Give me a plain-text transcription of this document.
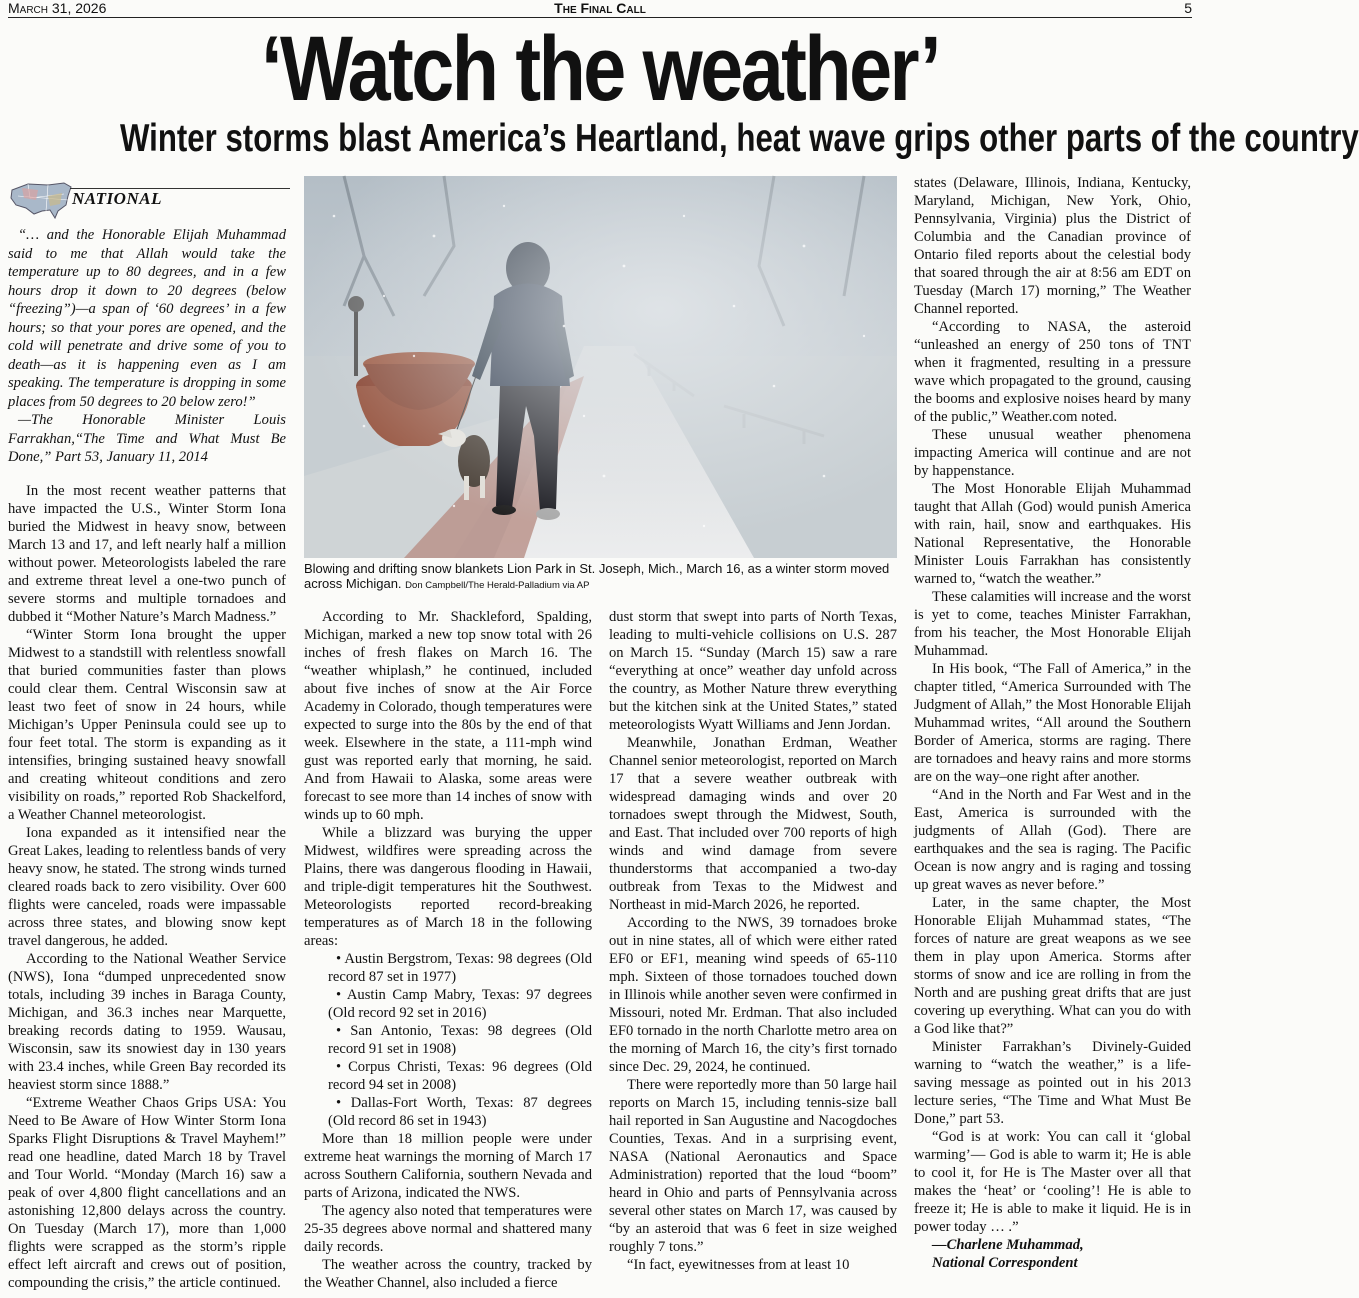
March 31, 2026	The Final Call	5
‘Watch the weather’
Winter storms blast America’s Heartland, heat wave grips other parts of the country
NATIONAL

“… and the Honorable Elijah Muhammad said to me that Allah would take the temperature up to 80 degrees, and in a few hours drop it down to 20 degrees (below “freezing”)—a span of ‘60 degrees’ in a few hours; so that your pores are opened, and the cold will penetrate and drive some of you to death—as it is happening even as I am speaking. The temperature is dropping in some places from 50 degrees to 20 below zero!”

—The Honorable Minister Louis Farrakhan,“The Time and What Must Be Done,” Part 53, January 11, 2014

In the most recent weather patterns that have impacted the U.S., Winter Storm Iona buried the Midwest in heavy snow, between March 13 and 17, and left nearly half a million without power. Meteorologists labeled the rare and extreme threat level a one-two punch of severe storms and multiple tornadoes and dubbed it “Mother Nature’s March Madness.”

“Winter Storm Iona brought the upper Midwest to a standstill with relentless snowfall that buried communities faster than plows could clear them. Central Wisconsin saw at least two feet of snow in 24 hours, while Michigan’s Upper Peninsula could see up to four feet total. The storm is expanding as it intensifies, bringing sustained heavy snowfall and creating whiteout conditions and zero visibility on roads,” reported Rob Shackelford, a Weather Channel meteorologist.

Iona expanded as it intensified near the Great Lakes, leading to relentless bands of very heavy snow, he stated. The strong winds turned cleared roads back to zero visibility. Over 600 flights were canceled, roads were impassable across three states, and blowing snow kept travel dangerous, he added.

According to the National Weather Service (NWS), Iona “dumped unprecedented snow totals, including 39 inches in Baraga County, Michigan, and 36.3 inches near Marquette, breaking records dating to 1959. Wausau, Wisconsin, saw its snowiest day in 130 years with 23.4 inches, while Green Bay recorded its heaviest storm since 1888.”

“Extreme Weather Chaos Grips USA: You Need to Be Aware of How Winter Storm Iona Sparks Flight Disruptions & Travel Mayhem!” read one headline, dated March 18 by Travel and Tour World. “Monday (March 16) saw a peak of over 4,800 flight cancellations and an astonishing 12,800 delays across the country. On Tuesday (March 17), more than 1,000 flights were scrapped as the storm’s ripple effect left aircraft and crews out of position, compounding the crisis,” the article continued.

Blowing and drifting snow blankets Lion Park in St. Joseph, Mich., March 16, as a winter storm moved across Michigan. Don Campbell/The Herald-Palladium via AP

According to Mr. Shackleford, Spalding, Michigan, marked a new top snow total with 26 inches of fresh flakes on March 16. The “weather whiplash,” he continued, included about five inches of snow at the Air Force Academy in Colorado, though temperatures were expected to surge into the 80s by the end of that week. Elsewhere in the state, a 111-mph wind gust was reported early that morning, he said. And from Hawaii to Alaska, some areas were forecast to see more than 14 inches of snow with winds up to 60 mph.

While a blizzard was burying the upper Midwest, wildfires were spreading across the Plains, there was dangerous flooding in Hawaii, and triple-digit temperatures hit the Southwest. Meteorologists reported record-breaking temperatures as of March 18 in the following areas:

• Austin Bergstrom, Texas: 98 degrees (Old record 87 set in 1977)

• Austin Camp Mabry, Texas: 97 degrees (Old record 92 set in 2016)

• San Antonio, Texas: 98 degrees (Old record 91 set in 1908)

• Corpus Christi, Texas: 96 degrees (Old record 94 set in 2008)

• Dallas-Fort Worth, Texas: 87 degrees (Old record 86 set in 1943)

More than 18 million people were under extreme heat warnings the morning of March 17 across Southern California, southern Nevada and parts of Arizona, indicated the NWS.

The agency also noted that temperatures were 25-35 degrees above normal and shattered many daily records.

The weather across the country, tracked by the Weather Channel, also included a fierce

dust storm that swept into parts of North Texas, leading to multi-vehicle collisions on U.S. 287 on March 15. “Sunday (March 15) saw a rare “everything at once” weather day unfold across the country, as Mother Nature threw everything but the kitchen sink at the United States,” stated meteorologists Wyatt Williams and Jenn Jordan.

Meanwhile, Jonathan Erdman, Weather Channel senior meteorologist, reported on March 17 that a severe weather outbreak with widespread damaging winds and over 20 tornadoes swept through the Midwest, South, and East. That included over 700 reports of high winds and wind damage from severe thunderstorms that accompanied a two-day outbreak from Texas to the Midwest and Northeast in mid-March 2026, he reported.

According to the NWS, 39 tornadoes broke out in nine states, all of which were either rated EF0 or EF1, meaning wind speeds of 65-110 mph. Sixteen of those tornadoes touched down in Illinois while another seven were confirmed in Missouri, noted Mr. Erdman. That also included EF0 tornado in the north Charlotte metro area on the morning of March 16, the city’s first tornado since Dec. 29, 2024, he continued.

There were reportedly more than 50 large hail reports on March 15, including tennis-size ball hail reported in San Augustine and Nacogdoches Counties, Texas. And in a surprising event, NASA (National Aeronautics and Space Administration) reported that the loud “boom” heard in Ohio and parts of Pennsylvania across several other states on March 17, was caused by “by an asteroid that was 6 feet in size weighed roughly 7 tons.”

“In fact, eyewitnesses from at least 10

states (Delaware, Illinois, Indiana, Kentucky, Maryland, Michigan, New York, Ohio, Pennsylvania, Virginia) plus the District of Columbia and the Canadian province of Ontario filed reports about the celestial body that soared through the air at 8:56 am EDT on Tuesday (March 17) morning,” The Weather Channel reported.

“According to NASA, the asteroid “unleashed an energy of 250 tons of TNT when it fragmented, resulting in a pressure wave which propagated to the ground, causing the booms and explosive noises heard by many of the public,” Weather.com noted.

These unusual weather phenomena impacting America will continue and are not by happenstance.

The Most Honorable Elijah Muhammad taught that Allah (God) would punish America with rain, hail, snow and earthquakes. His National Representative, the Honorable Minister Louis Farrakhan has consistently warned to, “watch the weather.”

These calamities will increase and the worst is yet to come, teaches Minister Farrakhan, from his teacher, the Most Honorable Elijah Muhammad.

In His book, “The Fall of America,” in the chapter titled, “America Surrounded with The Judgment of Allah,” the Most Honorable Elijah Muhammad writes, “All around the Southern Border of America, storms are raging. There are tornadoes and heavy rains and more storms are on the way–one right after another.

“And in the North and Far West and in the East, America is surrounded with the judgments of Allah (God). There are earthquakes and the sea is raging. The Pacific Ocean is now angry and is raging and tossing up great waves as never before.”

Later, in the same chapter, the Most Honorable Elijah Muhammad states, “The forces of nature are great weapons as we see them in play upon America. Storms after storms of snow and ice are rolling in from the North and are pushing great drifts that are just covering up everything. What can you do with a God like that?”

Minister Farrakhan’s Divinely-Guided warning to “watch the weather,” is a life-saving message as pointed out in his 2013 lecture series, “The Time and What Must Be Done,” part 53.

“God is at work: You can call it ‘global warming’— God is able to warm it; He is able to cool it, for He is The Master over all that makes the ‘heat’ or ‘cooling’! He is able to freeze it; He is able to make it liquid. He is in power today … .”

—Charlene Muhammad,

National Correspondent
